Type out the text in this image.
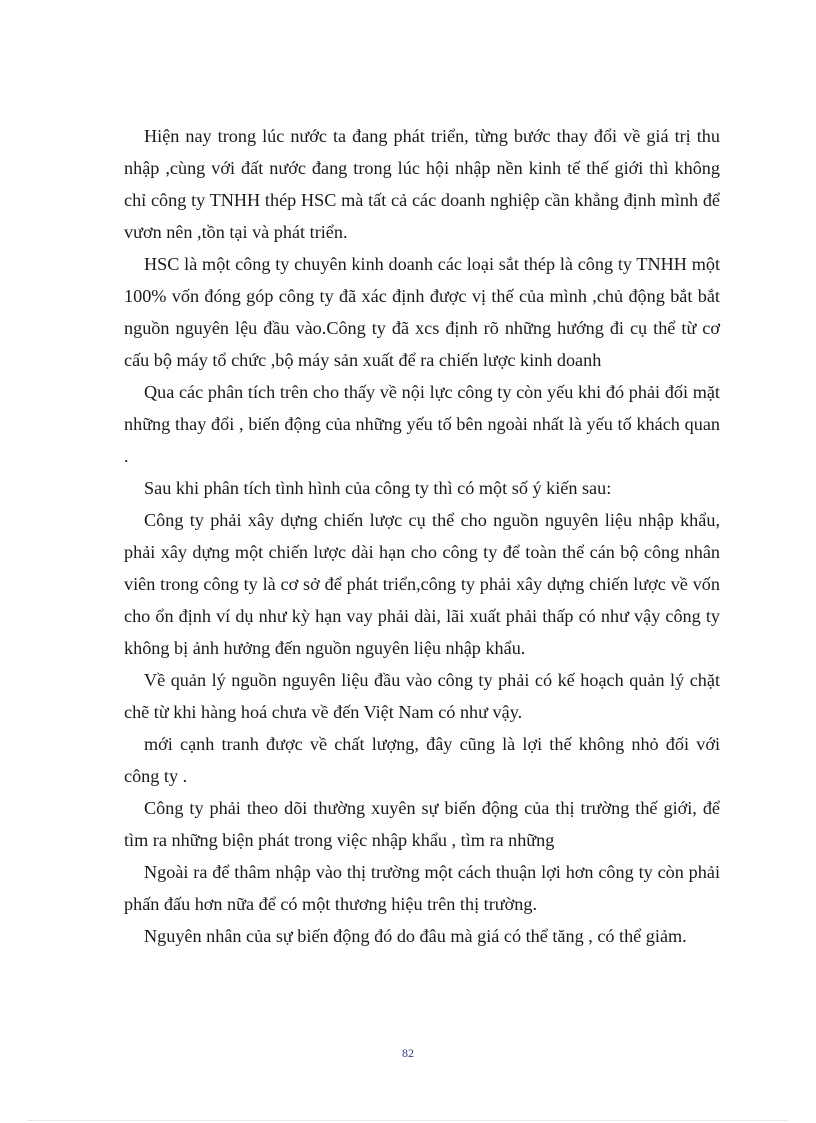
Hiện nay trong lúc nước ta đang phát triển, từng bước thay đổi về giá trị thu nhập ,cùng với đất nước đang trong lúc hội nhập nền kinh tế thế giới thì không chỉ công ty TNHH thép HSC mà tất cả các doanh nghiệp cần khẳng định mình để vươn nên ,tồn tại và phát triển.

HSC là một công ty chuyên kinh doanh các loại sắt thép là công ty TNHH một 100% vốn đóng góp công ty đã xác định được vị thế của mình ,chủ động bắt bắt nguồn nguyên lệu đầu vào.Công ty đã xcs định rõ những hướng đi cụ thể từ cơ cấu bộ máy tổ chức ,bộ máy sản xuất để ra chiến lược kinh doanh

Qua các phân tích trên cho thấy về nội lực công ty còn yếu khi đó phải đối mặt những thay đổi , biến động của những yếu tố bên ngoài nhất là yếu tố khách quan .

Sau khi phân tích tình hình của công ty thì có một số ý kiến sau:

Công ty phải xây dựng chiến lược cụ thể cho nguồn nguyên liệu nhập khẩu, phải xây dựng một chiến lược dài hạn cho công ty để toàn thể cán bộ công nhân viên trong công ty là cơ sở để phát triển,công ty phải xây dựng chiến lược về vốn cho ổn định ví dụ như kỳ hạn vay phải dài, lãi xuất phải thấp có như vậy công ty không bị ảnh hưởng đến nguồn nguyên liệu nhập khẩu.

Về quản lý nguồn nguyên liệu đầu vào công ty phải có kế hoạch quản lý chặt chẽ từ khi hàng hoá chưa về đến Việt Nam có như vậy.

mới cạnh tranh được về chất lượng, đây cũng là lợi thế không nhỏ đối với công ty .

Công ty phải theo dõi thường xuyên sự biến động của thị trường thế giới, để tìm ra những biện phát trong việc nhập khẩu , tìm ra những

Ngoài ra để thâm nhập vào thị trường một cách thuận lợi hơn công ty còn phải phấn đấu hơn nữa để có một thương hiệu trên thị trường.

Nguyên nhân của sự biến động đó do đâu mà giá có thể tăng , có thể giảm.

82
